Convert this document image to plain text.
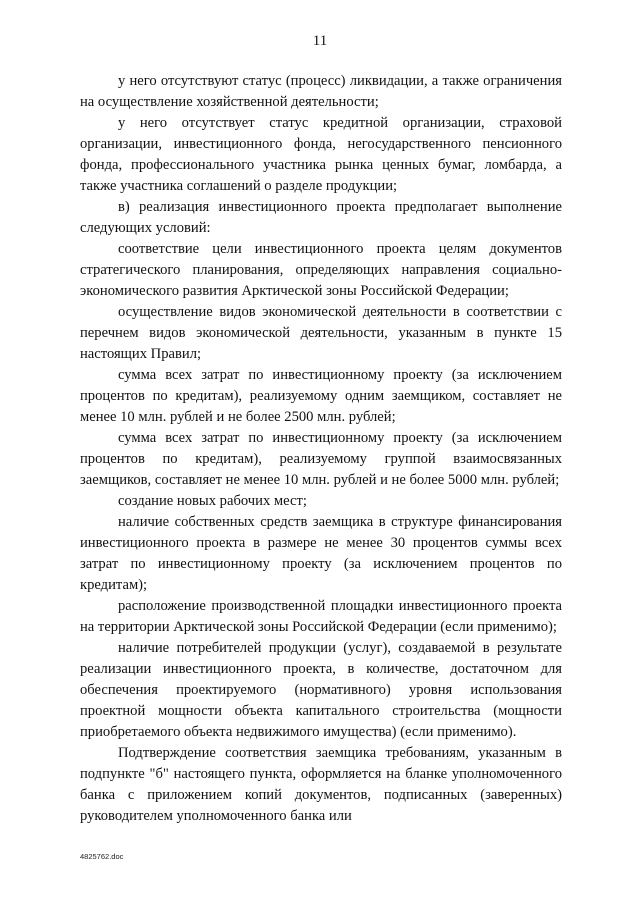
11

у него отсутствуют статус (процесс) ликвидации, а также ограничения на осуществление хозяйственной деятельности;

у него отсутствует статус кредитной организации, страховой организации, инвестиционного фонда, негосударственного пенсионного фонда, профессионального участника рынка ценных бумаг, ломбарда, а также участника соглашений о разделе продукции;

в) реализация инвестиционного проекта предполагает выполнение следующих условий:

соответствие цели инвестиционного проекта целям документов стратегического планирования, определяющих направления социально-экономического развития Арктической зоны Российской Федерации;

осуществление видов экономической деятельности в соответствии с перечнем видов экономической деятельности, указанным в пункте 15 настоящих Правил;

сумма всех затрат по инвестиционному проекту (за исключением процентов по кредитам), реализуемому одним заемщиком, составляет не менее 10 млн. рублей и не более 2500 млн. рублей;

сумма всех затрат по инвестиционному проекту (за исключением процентов по кредитам), реализуемому группой взаимосвязанных заемщиков, составляет не менее 10 млн. рублей и не более 5000 млн. рублей;

создание новых рабочих мест;

наличие собственных средств заемщика в структуре финансирования инвестиционного проекта в размере не менее 30 процентов суммы всех затрат по инвестиционному проекту (за исключением процентов по кредитам);

расположение производственной площадки инвестиционного проекта на территории Арктической зоны Российской Федерации (если применимо);

наличие потребителей продукции (услуг), создаваемой в результате реализации инвестиционного проекта, в количестве, достаточном для обеспечения проектируемого (нормативного) уровня использования проектной мощности объекта капитального строительства (мощности приобретаемого объекта недвижимого имущества) (если применимо).

Подтверждение соответствия заемщика требованиям, указанным в подпункте "б" настоящего пункта, оформляется на бланке уполномоченного банка с приложением копий документов, подписанных (заверенных) руководителем уполномоченного банка или

4825762.doc
